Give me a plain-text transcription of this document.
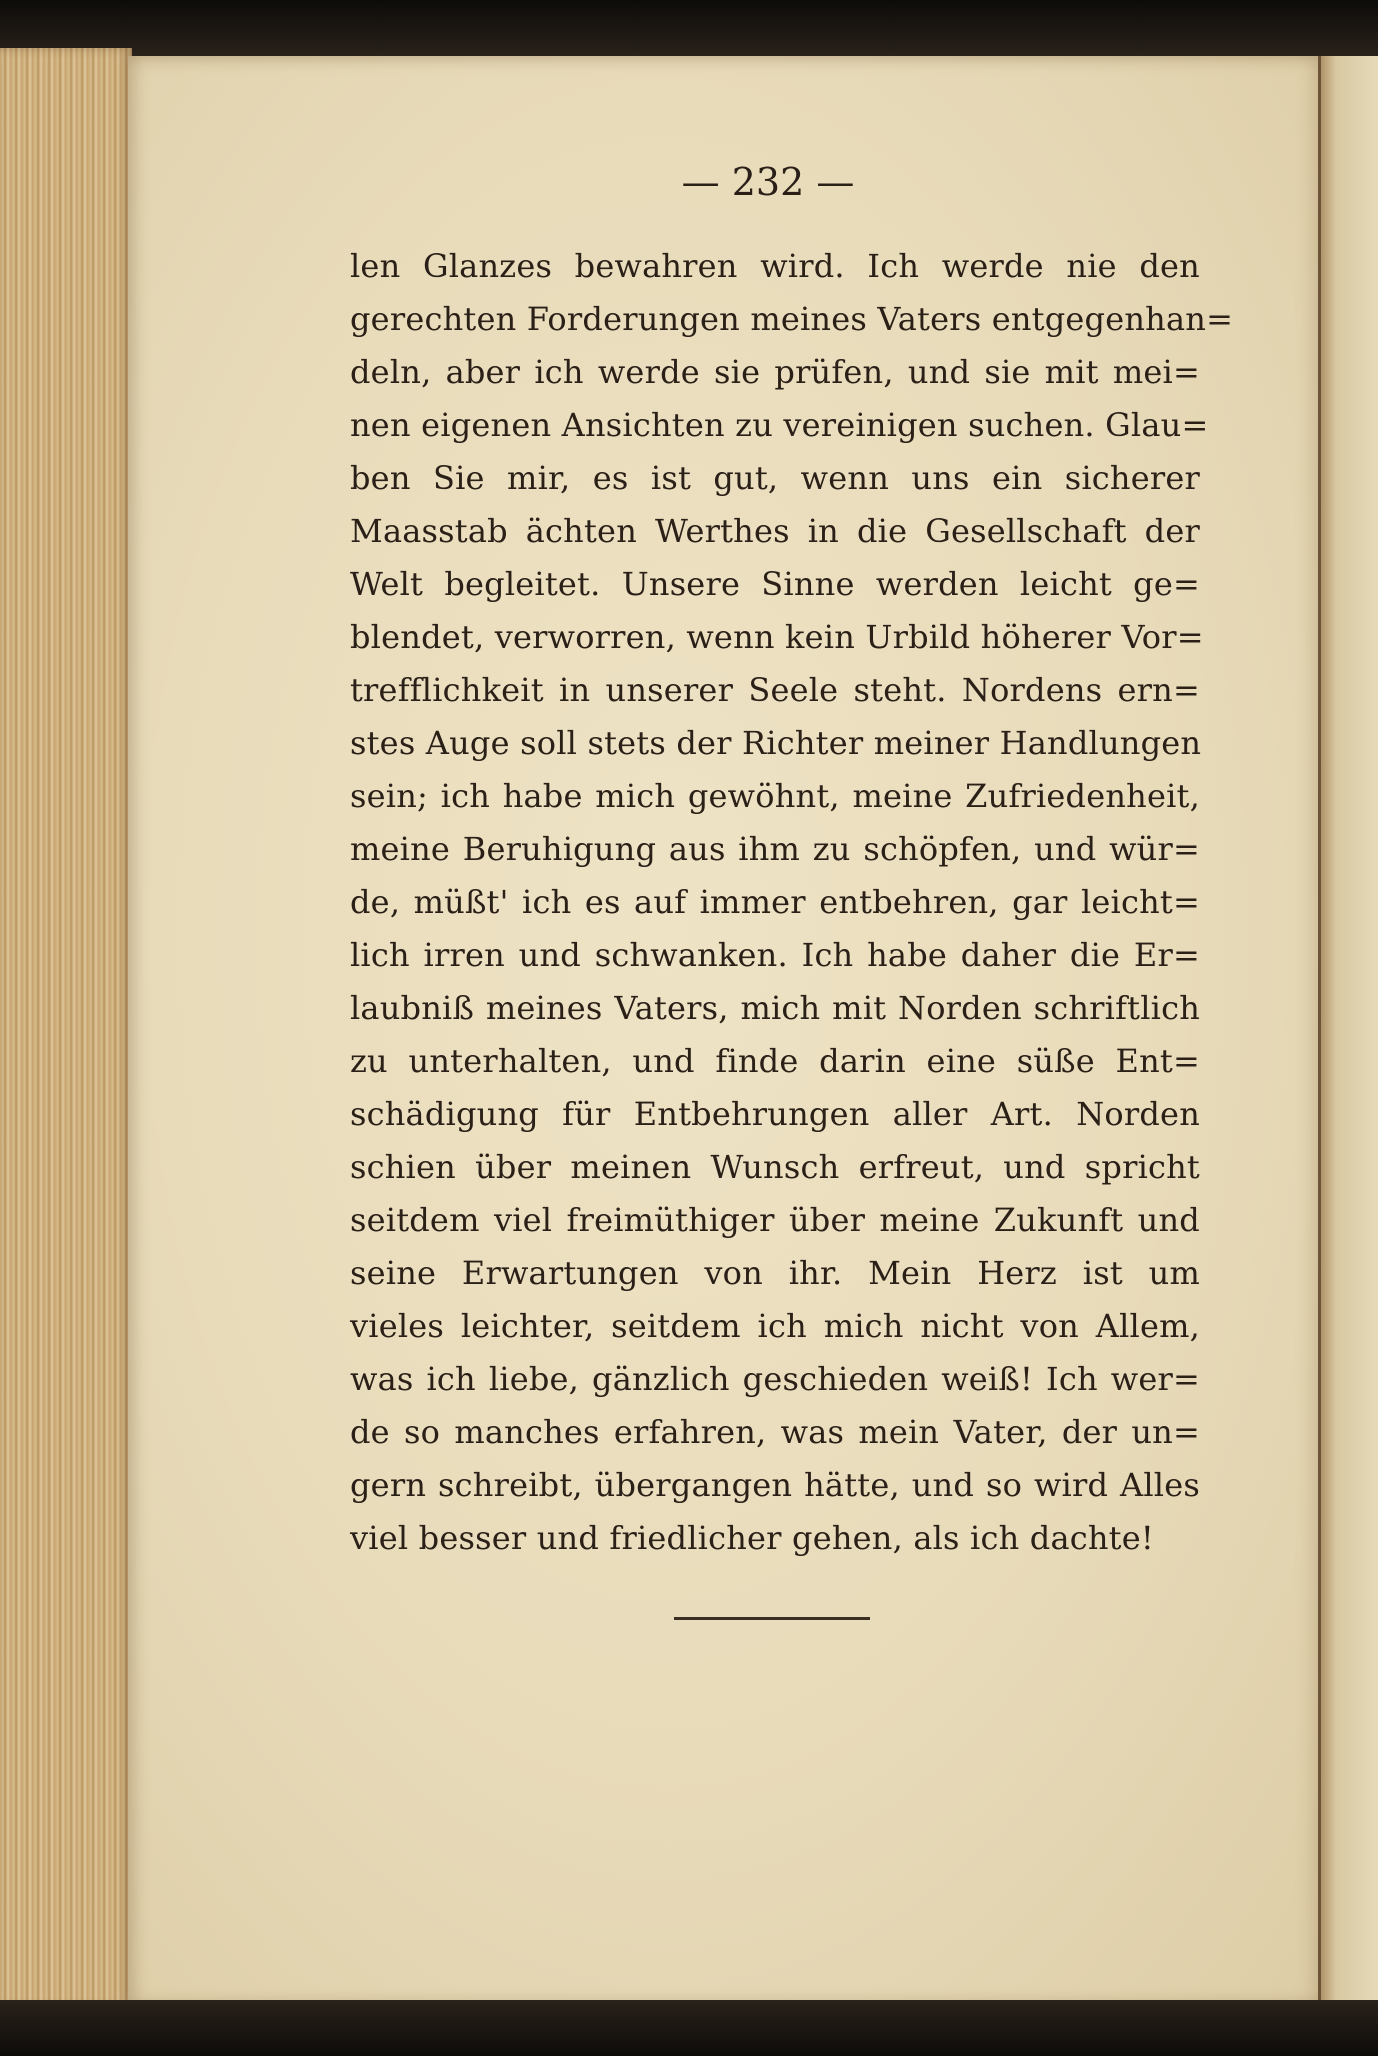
— 232 —
len Glanzes bewahren wird. Ich werde nie den
gerechten Forderungen meines Vaters entgegenhan=
deln, aber ich werde sie prüfen, und sie mit mei=
nen eigenen Ansichten zu vereinigen suchen. Glau=
ben Sie mir, es ist gut, wenn uns ein sicherer
Maasstab ächten Werthes in die Gesellschaft der
Welt begleitet. Unsere Sinne werden leicht ge=
blendet, verworren, wenn kein Urbild höherer Vor=
trefflichkeit in unserer Seele steht. Nordens ern=
stes Auge soll stets der Richter meiner Handlungen
sein; ich habe mich gewöhnt, meine Zufriedenheit,
meine Beruhigung aus ihm zu schöpfen, und wür=
de, müßt' ich es auf immer entbehren, gar leicht=
lich irren und schwanken. Ich habe daher die Er=
laubniß meines Vaters, mich mit Norden schriftlich
zu unterhalten, und finde darin eine süße Ent=
schädigung für Entbehrungen aller Art. Norden
schien über meinen Wunsch erfreut, und spricht
seitdem viel freimüthiger über meine Zukunft und
seine Erwartungen von ihr. Mein Herz ist um
vieles leichter, seitdem ich mich nicht von Allem,
was ich liebe, gänzlich geschieden weiß! Ich wer=
de so manches erfahren, was mein Vater, der un=
gern schreibt, übergangen hätte, und so wird Alles
viel besser und friedlicher gehen, als ich dachte!
